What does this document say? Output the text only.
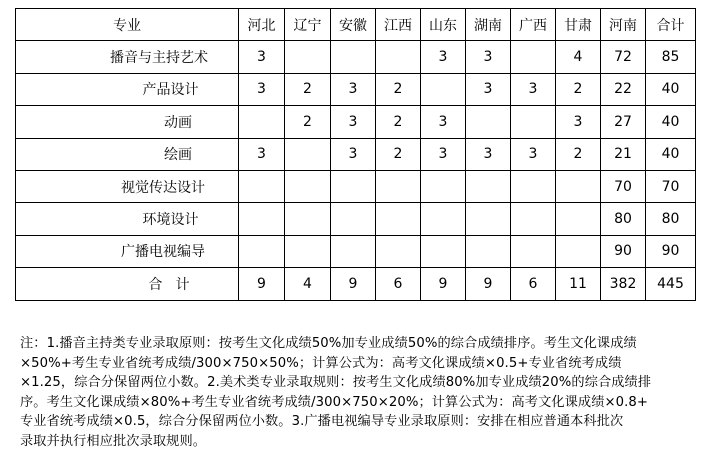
专业	河北	辽宁	安徽	江西	山东	湖南	广西	甘肃	河南	合计
播音与主持艺术	3				3	3		4	72	85
产品设计	3	2	3	2		3	3	2	22	40
动画		2	3	2	3			3	27	40
绘画	3		3	2	3	3	3	2	21	40
视觉传达设计									70	70
环境设计									80	80
广播电视编导									90	90
合   计	9	4	9	6	9	9	6	11	382	445

注：1.播音主持类专业录取原则：按考生文化成绩50%加专业成绩50%的综合成绩排序。考生文化课成绩

×50%+考生专业省统考成绩/300×750×50%；计算公式为：高考文化课成绩×0.5+专业省统考成绩

×1.25，综合分保留两位小数。2.美术类专业录取规则：按考生文化成绩80%加专业成绩20%的综合成绩排

序。考生文化课成绩×80%+考生专业省统考成绩/300×750×20%；计算公式为：高考文化课成绩×0.8+

专业省统考成绩×0.5，综合分保留两位小数。3.广播电视编导专业录取原则：安排在相应普通本科批次

录取并执行相应批次录取规则。
